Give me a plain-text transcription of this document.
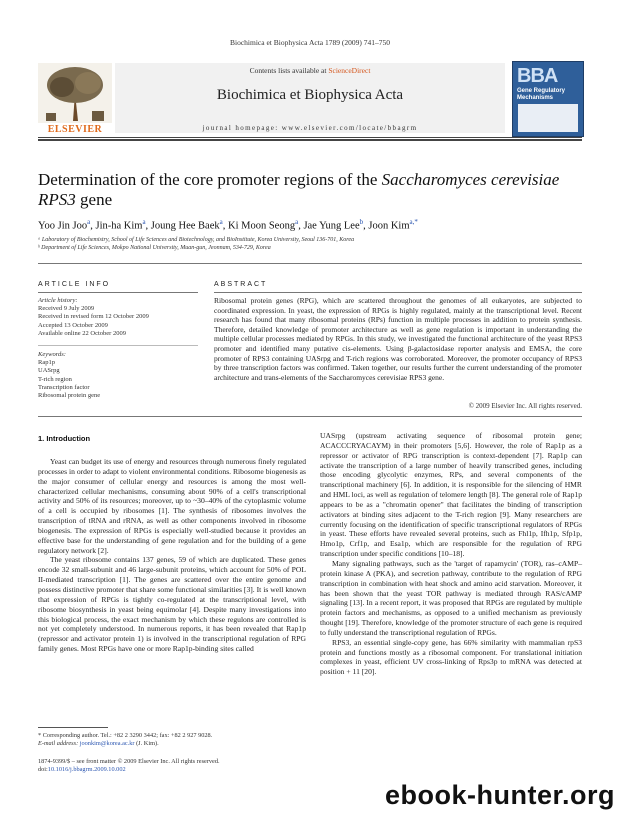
Biochimica et Biophysica Acta 1789 (2009) 741–750
ELSEVIER
Contents lists available at ScienceDirect
Biochimica et Biophysica Acta
journal homepage: www.elsevier.com/locate/bbagrm
BBA
Gene Regulatory Mechanisms
Determination of the core promoter regions of the Saccharomyces cerevisiae
RPS3 gene
Yoo Jin Joo$^a$, Jin-ha Kim$^a$, Joung Hee Baek$^a$, Ki Moon Seong$^a$, Jae Yung Lee$^b$, Joon Kim$^{a,*}$
ᵃ Laboratory of Biochemistry, School of Life Sciences and Biotechnology, and BioInstitute, Korea University, Seoul 136-701, Korea
ᵇ Department of Life Sciences, Mokpo National University, Muan-gun, Jeonnam, 534-729, Korea
ARTICLE INFO	ABSTRACT
Article history:
Received 9 July 2009
Received in revised form 12 October 2009
Accepted 13 October 2009
Available online 22 October 2009
Keywords:
Rap1p
UASrpg
T-rich region
Transcription factor
Ribosomal protein gene
Ribosomal protein genes (RPG), which are scattered throughout the genomes of all eukaryotes, are subjected to coordinated expression. In yeast, the expression of RPGs is highly regulated, mainly at the transcriptional level. Recent research has found that many ribosomal proteins (RPs) function in multiple processes in addition to protein synthesis. Therefore, detailed knowledge of promoter architecture as well as gene regulation is important in understanding the multiple cellular processes mediated by RPGs. In this study, we investigated the functional architecture of the yeast RPS3 promoter and identified many putative cis-elements. Using β-galactosidase reporter analysis and EMSA, the core promoter of RPS3 containing UASrpg and T-rich regions was corroborated. Moreover, the promoter occupancy of RPS3 by three transcription factors was confirmed. Taken together, our results further the current understanding of the promoter architecture and trans-elements of the Saccharomyces cerevisiae RPS3 gene.
© 2009 Elsevier Inc. All rights reserved.
1. Introduction

Yeast can budget its use of energy and resources through numerous finely regulated processes in order to adapt to violent environmental conditions. Ribosome biogenesis as the major consumer of cellular energy and resources is among the most well-characterized cellular mechanisms, consuming about 90% of a cell's transcriptional activity and 50% of its resources; moreover, up to ~30–40% of the cytoplasmic volume of a cell is occupied by ribosomes [1]. The synthesis of ribosomes involves the transcription of tRNA and rRNA, as well as other components involved in ribosome biogenesis. The expression of RPGs is especially well-studied because it provides an effective base for the understanding of gene regulation and for the building of a gene regulatory network [2].

The yeast ribosome contains 137 genes, 59 of which are duplicated. These genes encode 32 small-subunit and 46 large-subunit proteins, which account for 50% of POL II-mediated transcription [1]. The genes are scattered over the entire genome and possess distinctive promoter that share some functional similarities [3]. It is well known that expression of RPGs is tightly co-regulated at the transcriptional level, with ribosome biosynthesis in yeast being equimolar [4]. Despite many investigations into this biological process, the exact mechanism by which these regulons are controlled is not yet completely understood. In numerous reports, it has been revealed that Rap1p (repressor and activator protein 1) is involved in the transcriptional regulation of RPG family genes. Most RPGs have one or more Rap1p-binding sites called

UASrpg (upstream activating sequence of ribosomal protein gene; ACACCCRYACAYM) in their promoters [5,6]. However, the role of Rap1p as a repressor or activator of RPG transcription is context-dependent [7]. Rap1p can activate the transcription of a large number of heavily transcribed genes, including those encoding glycolytic enzymes, RPs, and several components of the transcriptional machinery [6]. In addition, it is responsible for the silencing of HMR and HML loci, as well as regulation of telomere length [8]. The general role of Rap1p appears to be as a "chromatin opener" that facilitates the binding of transcription activators at binding sites adjacent to the T-rich region [9]. Many researchers are currently focusing on the identification of specific transcriptional regulators of RPGs in yeast. These efforts have revealed several proteins, such as Fhl1p, Ifh1p, Sfp1p, Hmo1p, Crf1p, and Esa1p, which are responsible for the regulation of RPG transcription under specific conditions [10–18].

Many signaling pathways, such as the 'target of rapamycin' (TOR), ras–cAMP–protein kinase A (PKA), and secretion pathway, contribute to the regulation of RPG transcription in combination with heat shock and amino acid starvation. Moreover, it has been shown that the yeast TOR pathway is mediated through RAS/cAMP signaling [13]. In a recent report, it was proposed that RPGs are regulated by multiple protein factors and mechanisms, as opposed to a unified mechanism as previously thought [19]. Therefore, knowledge of the promoter structure of each gene is required to fully understand the transcriptional regulation of RPGs.

RPS3, an essential single-copy gene, has 66% similarity with mammalian rpS3 protein and functions mostly as a ribosomal component. For translational initiation complexes in yeast, efficient UV cross-linking of Rps3p to mRNA was detected at position + 11 [20].

* Corresponding author. Tel.: +82 2 3290 3442; fax: +82 2 927 9028.
E-mail address: joonkim@korea.ac.kr (J. Kim).
1874-9399/$ – see front matter © 2009 Elsevier Inc. All rights reserved.
doi:10.1016/j.bbagrm.2009.10.002
ebook-hunter.org
